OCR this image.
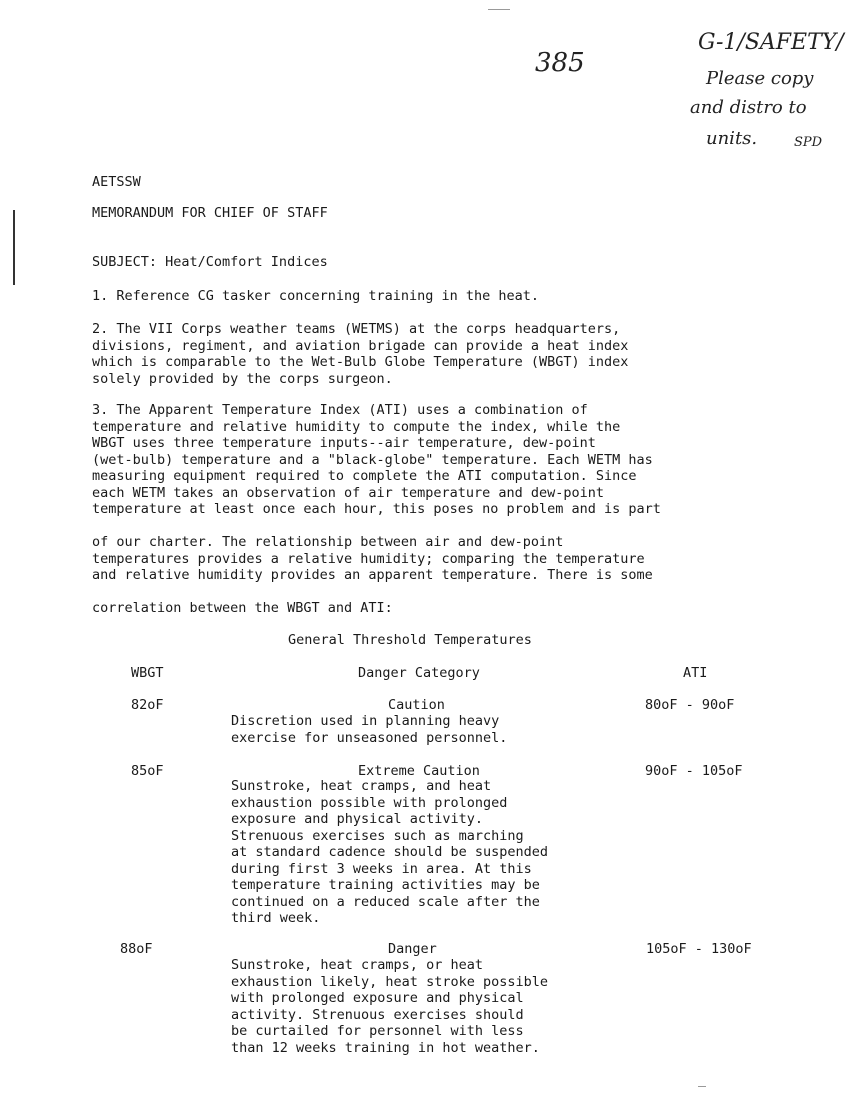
385
G-1/SAFETY/
Please copy
and distro to
units.	SPD
AETSSW
MEMORANDUM FOR CHIEF OF STAFF
SUBJECT: Heat/Comfort Indices
1. Reference CG tasker concerning training in the heat.
2. The VII Corps weather teams (WETMS) at the corps headquarters,
divisions, regiment, and aviation brigade can provide a heat index
which is comparable to the Wet-Bulb Globe Temperature (WBGT) index
solely provided by the corps surgeon.
3. The Apparent Temperature Index (ATI) uses a combination of
temperature and relative humidity to compute the index, while the
WBGT uses three temperature inputs--air temperature, dew-point
(wet-bulb) temperature and a "black-globe" temperature. Each WETM has
measuring equipment required to complete the ATI computation. Since
each WETM takes an observation of air temperature and dew-point
temperature at least once each hour, this poses no problem and is part
of our charter. The relationship between air and dew-point
temperatures provides a relative humidity; comparing the temperature
and relative humidity provides an apparent temperature. There is some
correlation between the WBGT and ATI:
General Threshold Temperatures
WBGT	Danger Category	ATI
82oF	Caution	80oF - 90oF
Discretion used in planning heavy
exercise for unseasoned personnel.
85oF	Extreme Caution	90oF - 105oF
Sunstroke, heat cramps, and heat
exhaustion possible with prolonged
exposure and physical activity.
Strenuous exercises such as marching
at standard cadence should be suspended
during first 3 weeks in area. At this
temperature training activities may be
continued on a reduced scale after the
third week.
88oF	Danger	105oF - 130oF
Sunstroke, heat cramps, or heat
exhaustion likely, heat stroke possible
with prolonged exposure and physical
activity. Strenuous exercises should
be curtailed for personnel with less
than 12 weeks training in hot weather.
